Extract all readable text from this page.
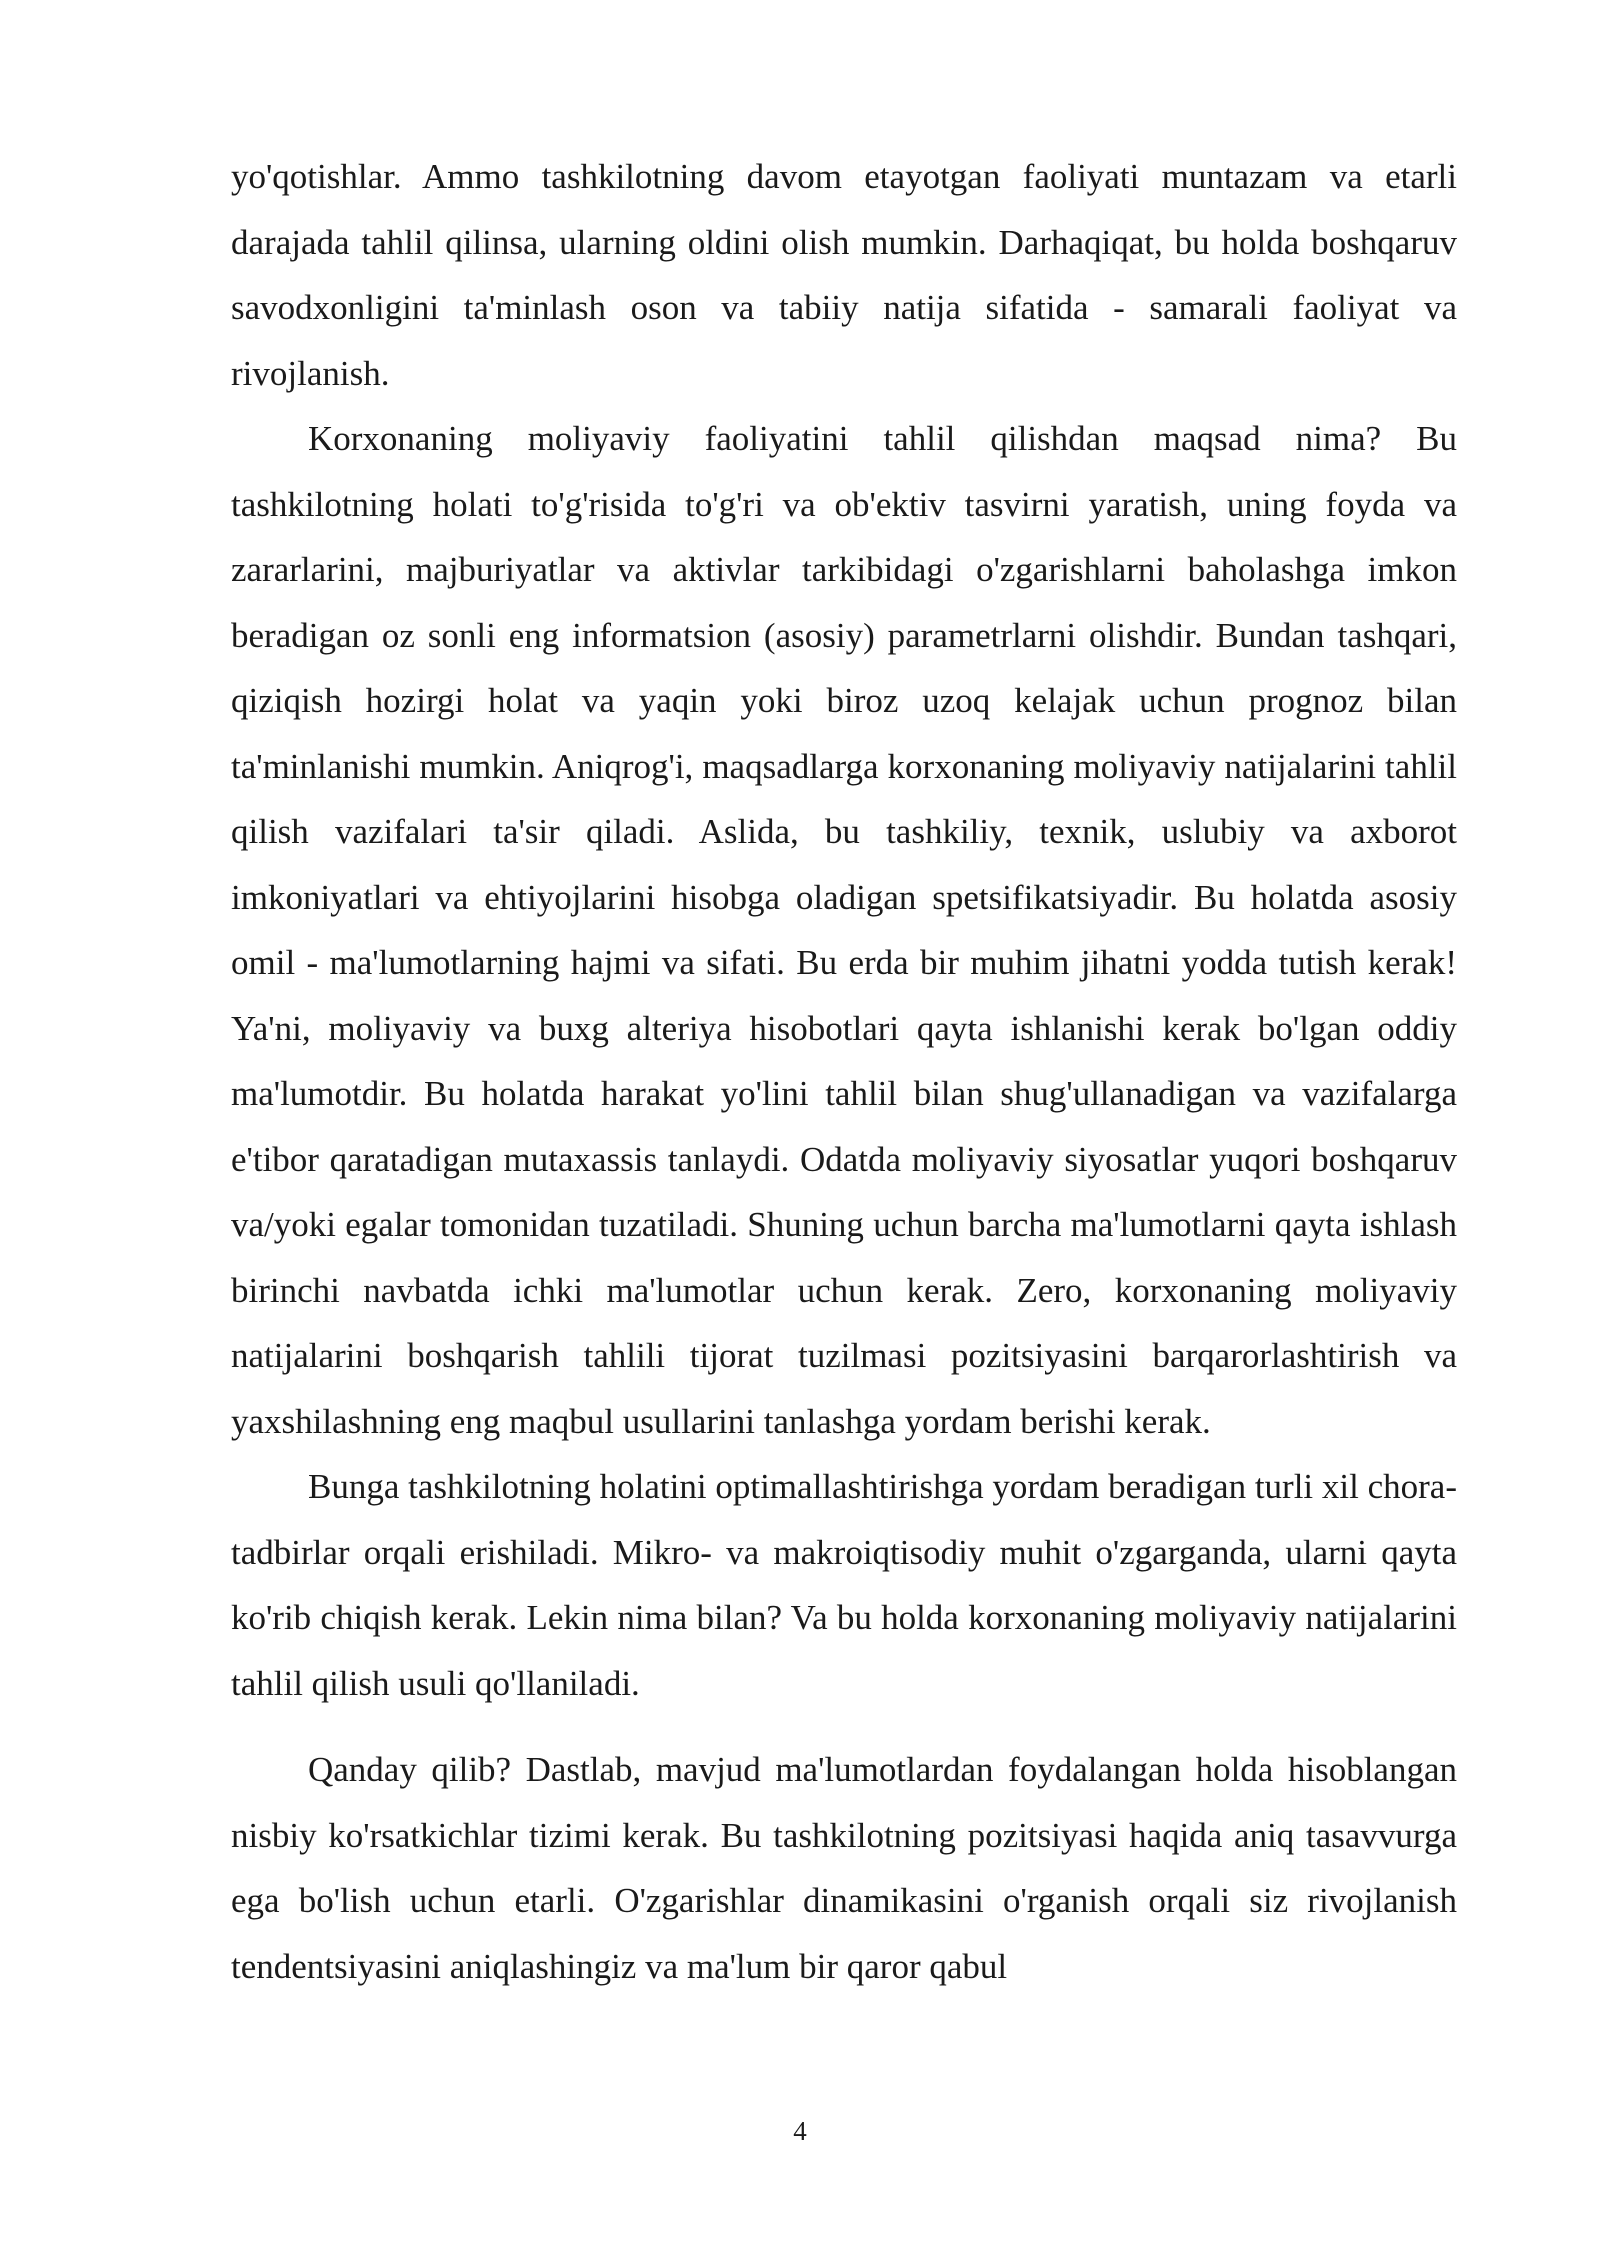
yo'qotishlar. Ammo tashkilotning davom etayotgan faoliyati muntazam va etarli darajada tahlil qilinsa, ularning oldini olish mumkin. Darhaqiqat, bu holda boshqaruv savodxonligini ta'minlash oson va tabiiy natija sifatida - samarali faoliyat va rivojlanish.

Korxonaning moliyaviy faoliyatini tahlil qilishdan maqsad nima? Bu tashkilotning holati to'g'risida to'g'ri va ob'ektiv tasvirni yaratish, uning foyda va zararlarini, majburiyatlar va aktivlar tarkibidagi o'zgarishlarni baholashga imkon beradigan oz sonli eng informatsion (asosiy) parametrlarni olishdir. Bundan tashqari, qiziqish hozirgi holat va yaqin yoki biroz uzoq kelajak uchun prognoz bilan ta'minlanishi mumkin. Aniqrog'i, maqsadlarga korxonaning moliyaviy natijalarini tahlil qilish vazifalari ta'sir qiladi. Aslida, bu tashkiliy, texnik, uslubiy va axborot imkoniyatlari va ehtiyojlarini hisobga oladigan spetsifikatsiyadir. Bu holatda asosiy omil - ma'lumotlarning hajmi va sifati. Bu erda bir muhim jihatni yodda tutish kerak! Ya'ni, moliyaviy va buxg alteriya hisobotlari qayta ishlanishi kerak bo'lgan oddiy ma'lumotdir. Bu holatda harakat yo'lini tahlil bilan shug'ullanadigan va vazifalarga e'tibor qaratadigan mutaxassis tanlaydi. Odatda moliyaviy siyosatlar yuqori boshqaruv va/yoki egalar tomonidan tuzatiladi. Shuning uchun barcha ma'lumotlarni qayta ishlash birinchi navbatda ichki ma'lumotlar uchun kerak. Zero, korxonaning moliyaviy natijalarini boshqarish tahlili tijorat tuzilmasi pozitsiyasini barqarorlashtirish va yaxshilashning eng maqbul usullarini tanlashga yordam berishi kerak.

Bunga tashkilotning holatini optimallashtirishga yordam beradigan turli xil chora-tadbirlar orqali erishiladi. Mikro- va makroiqtisodiy muhit o'zgarganda, ularni qayta ko'rib chiqish kerak. Lekin nima bilan? Va bu holda korxonaning moliyaviy natijalarini tahlil qilish usuli qo'llaniladi.

Qanday qilib? Dastlab, mavjud ma'lumotlardan foydalangan holda hisoblangan nisbiy ko'rsatkichlar tizimi kerak. Bu tashkilotning pozitsiyasi haqida aniq tasavvurga ega bo'lish uchun etarli. O'zgarishlar dinamikasini o'rganish orqali siz rivojlanish tendentsiyasini aniqlashingiz va ma'lum bir qaror qabul

4
